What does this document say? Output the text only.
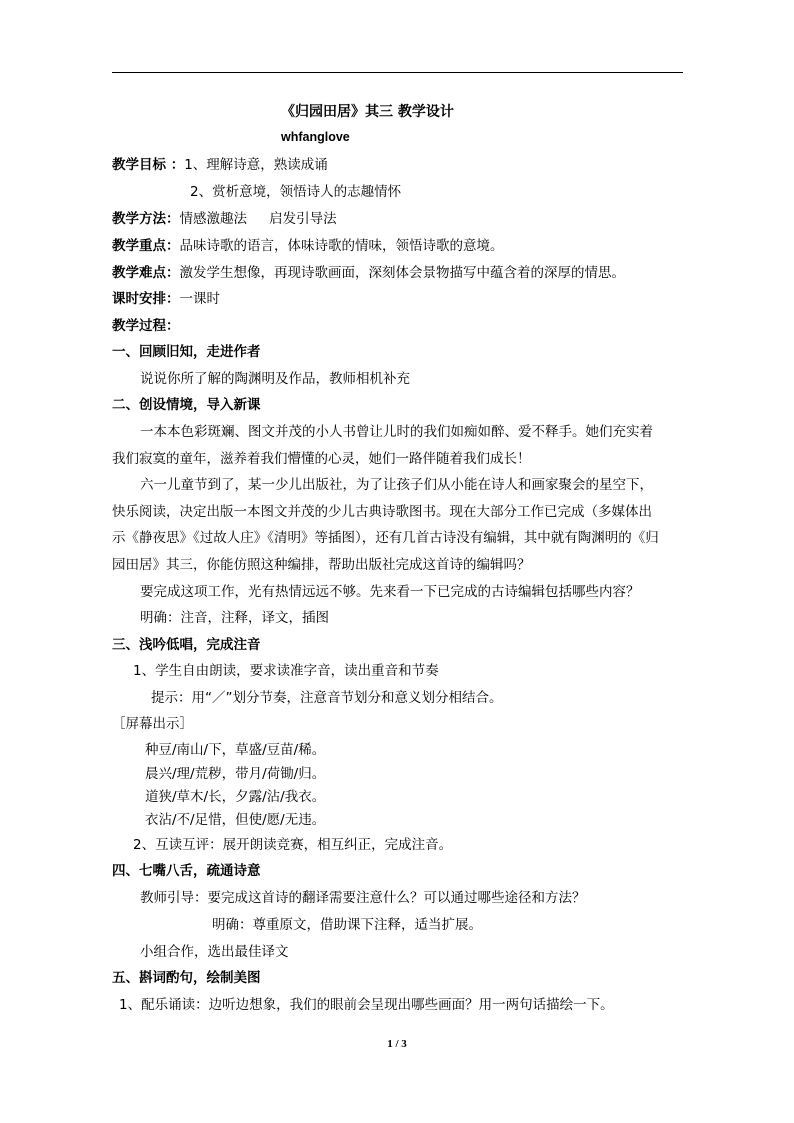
《归园田居》其三 教学设计
whfanglove
教学目标 ：1、理解诗意，熟读成诵
2、赏析意境，领悟诗人的志趣情怀
教学方法：情感激趣法 　 启发引导法
教学重点：品味诗歌的语言，体味诗歌的情味，领悟诗歌的意境。
教学难点：激发学生想像，再现诗歌画面，深刻体会景物描写中蕴含着的深厚的情思。
课时安排：一课时
教学过程：
一、回顾旧知，走进作者
说说你所了解的陶渊明及作品，教师相机补充
二、创设情境，导入新课
一本本色彩斑斓、图文并茂的小人书曾让儿时的我们如痴如醉、爱不释手。她们充实着
我们寂寞的童年，滋养着我们懵懂的心灵，她们一路伴随着我们成长！
六一儿童节到了，某一少儿出版社，为了让孩子们从小能在诗人和画家聚会的星空下，
快乐阅读，决定出版一本图文并茂的少儿古典诗歌图书。现在大部分工作已完成（多媒体出
示《静夜思》《过故人庄》《清明》等插图），还有几首古诗没有编辑，其中就有陶渊明的《归
园田居》其三，你能仿照这种编排，帮助出版社完成这首诗的编辑吗？
要完成这项工作，光有热情远远不够。先来看一下已完成的古诗编辑包括哪些内容？
明确：注音，注释，译文，插图
三、浅吟低唱，完成注音
1、学生自由朗读，要求读准字音，读出重音和节奏
提示：用“／”划分节奏，注意音节划分和意义划分相结合。
［屏幕出示］
种豆/南山/下，草盛/豆苗/稀。
晨兴/理/荒秽，带月/荷锄/归。
道狭/草木/长，夕露/沾/我衣。
衣沾/不/足惜，但使/愿/无违。
2、互读互评：展开朗读竞赛，相互纠正，完成注音。
四、七嘴八舌，疏通诗意
教师引导：要完成这首诗的翻译需要注意什么？可以通过哪些途径和方法？
明确：尊重原文，借助课下注释，适当扩展。
小组合作，选出最佳译文
五、斟词酌句，绘制美图
1、配乐诵读：边听边想象，我们的眼前会呈现出哪些画面？用一两句话描绘一下。
1 / 3
